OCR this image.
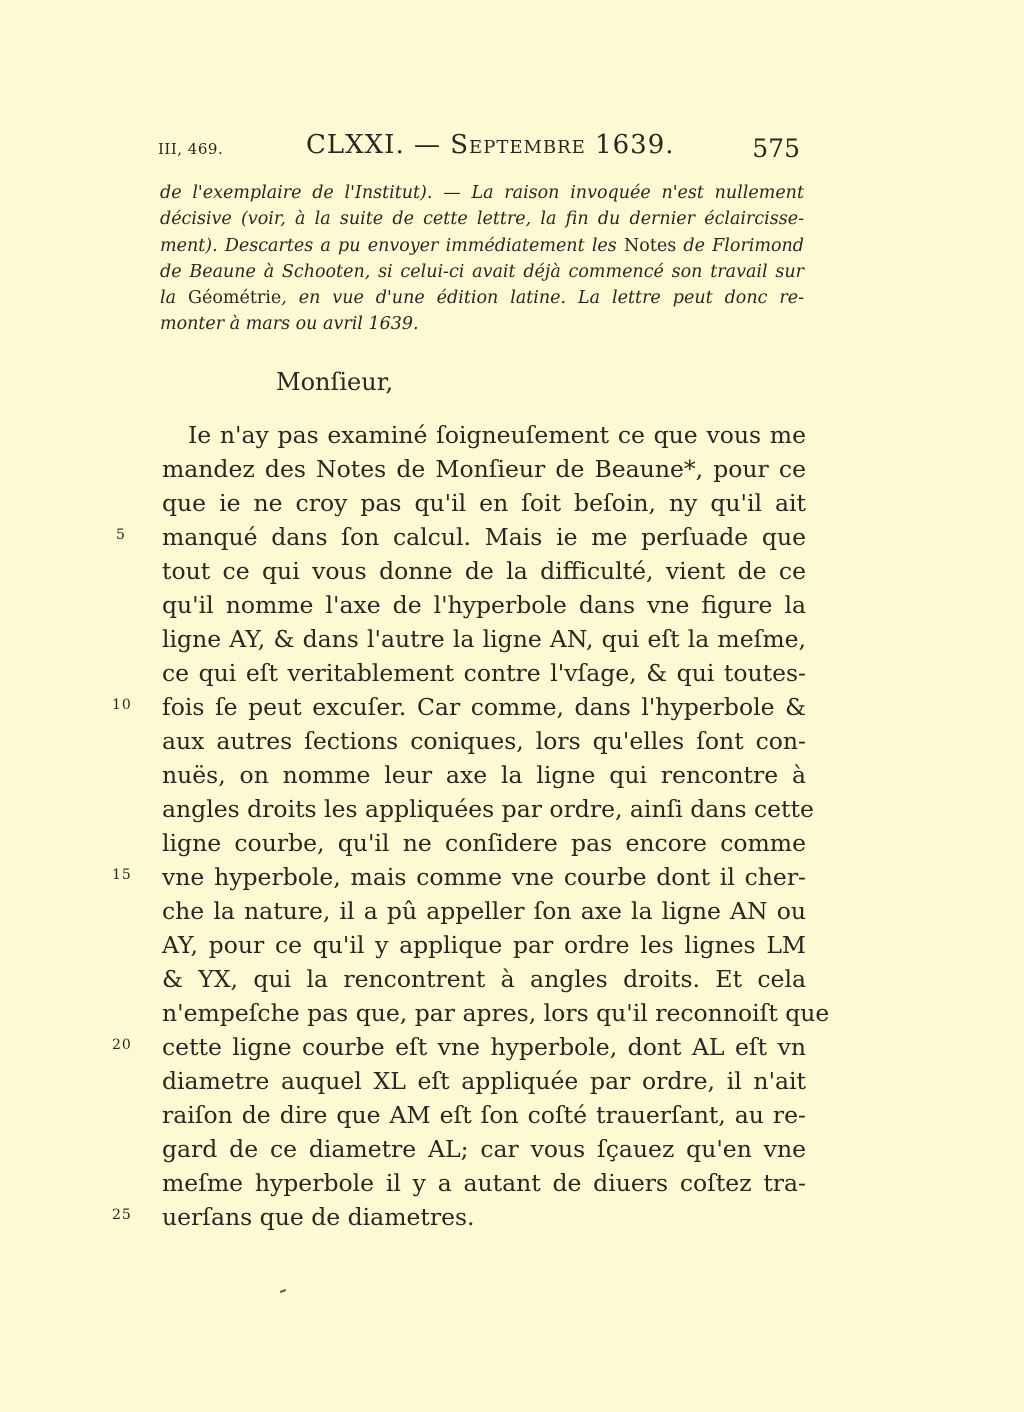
III, 469.	CLXXI. — Septembre 1639.	575
de l'exemplaire de l'Institut). — La raison invoquée n'est nullement
décisive (voir, à la suite de cette lettre, la fin du dernier éclaircisse-
ment). Descartes a pu envoyer immédiatement les Notes de Florimond
de Beaune à Schooten, si celui-ci avait déjà commencé son travail sur
la Géométrie, en vue d'une édition latine. La lettre peut donc re-
monter à mars ou avril 1639.
Monſieur,
Ie n'ay pas examiné ſoigneuſement ce que vous me
mandez des Notes de Monſieur de Beaune*, pour ce
que ie ne croy pas qu'il en ſoit beſoin, ny qu'il ait
manqué dans ſon calcul. Mais ie me perſuade que
tout ce qui vous donne de la difficulté, vient de ce
qu'il nomme l'axe de l'hyperbole dans vne figure la
ligne AY, & dans l'autre la ligne AN, qui eſt la meſme,
ce qui eſt veritablement contre l'vſage, & qui toutes-
fois ſe peut excuſer. Car comme, dans l'hyperbole &
aux autres ſections coniques, lors qu'elles ſont con-
nuës, on nomme leur axe la ligne qui rencontre à
angles droits les appliquées par ordre, ainſi dans cette
ligne courbe, qu'il ne conſidere pas encore comme
vne hyperbole, mais comme vne courbe dont il cher-
che la nature, il a pû appeller ſon axe la ligne AN ou
AY, pour ce qu'il y applique par ordre les lignes LM
& YX, qui la rencontrent à angles droits. Et cela
n'empeſche pas que, par apres, lors qu'il reconnoiſt que
cette ligne courbe eſt vne hyperbole, dont AL eſt vn
diametre auquel XL eſt appliquée par ordre, il n'ait
raiſon de dire que AM eſt ſon coſté trauerſant, au re-
gard de ce diametre AL; car vous ſçauez qu'en vne
meſme hyperbole il y a autant de diuers coſtez tra-
uerſans que de diametres.
5
10
15
20
25
